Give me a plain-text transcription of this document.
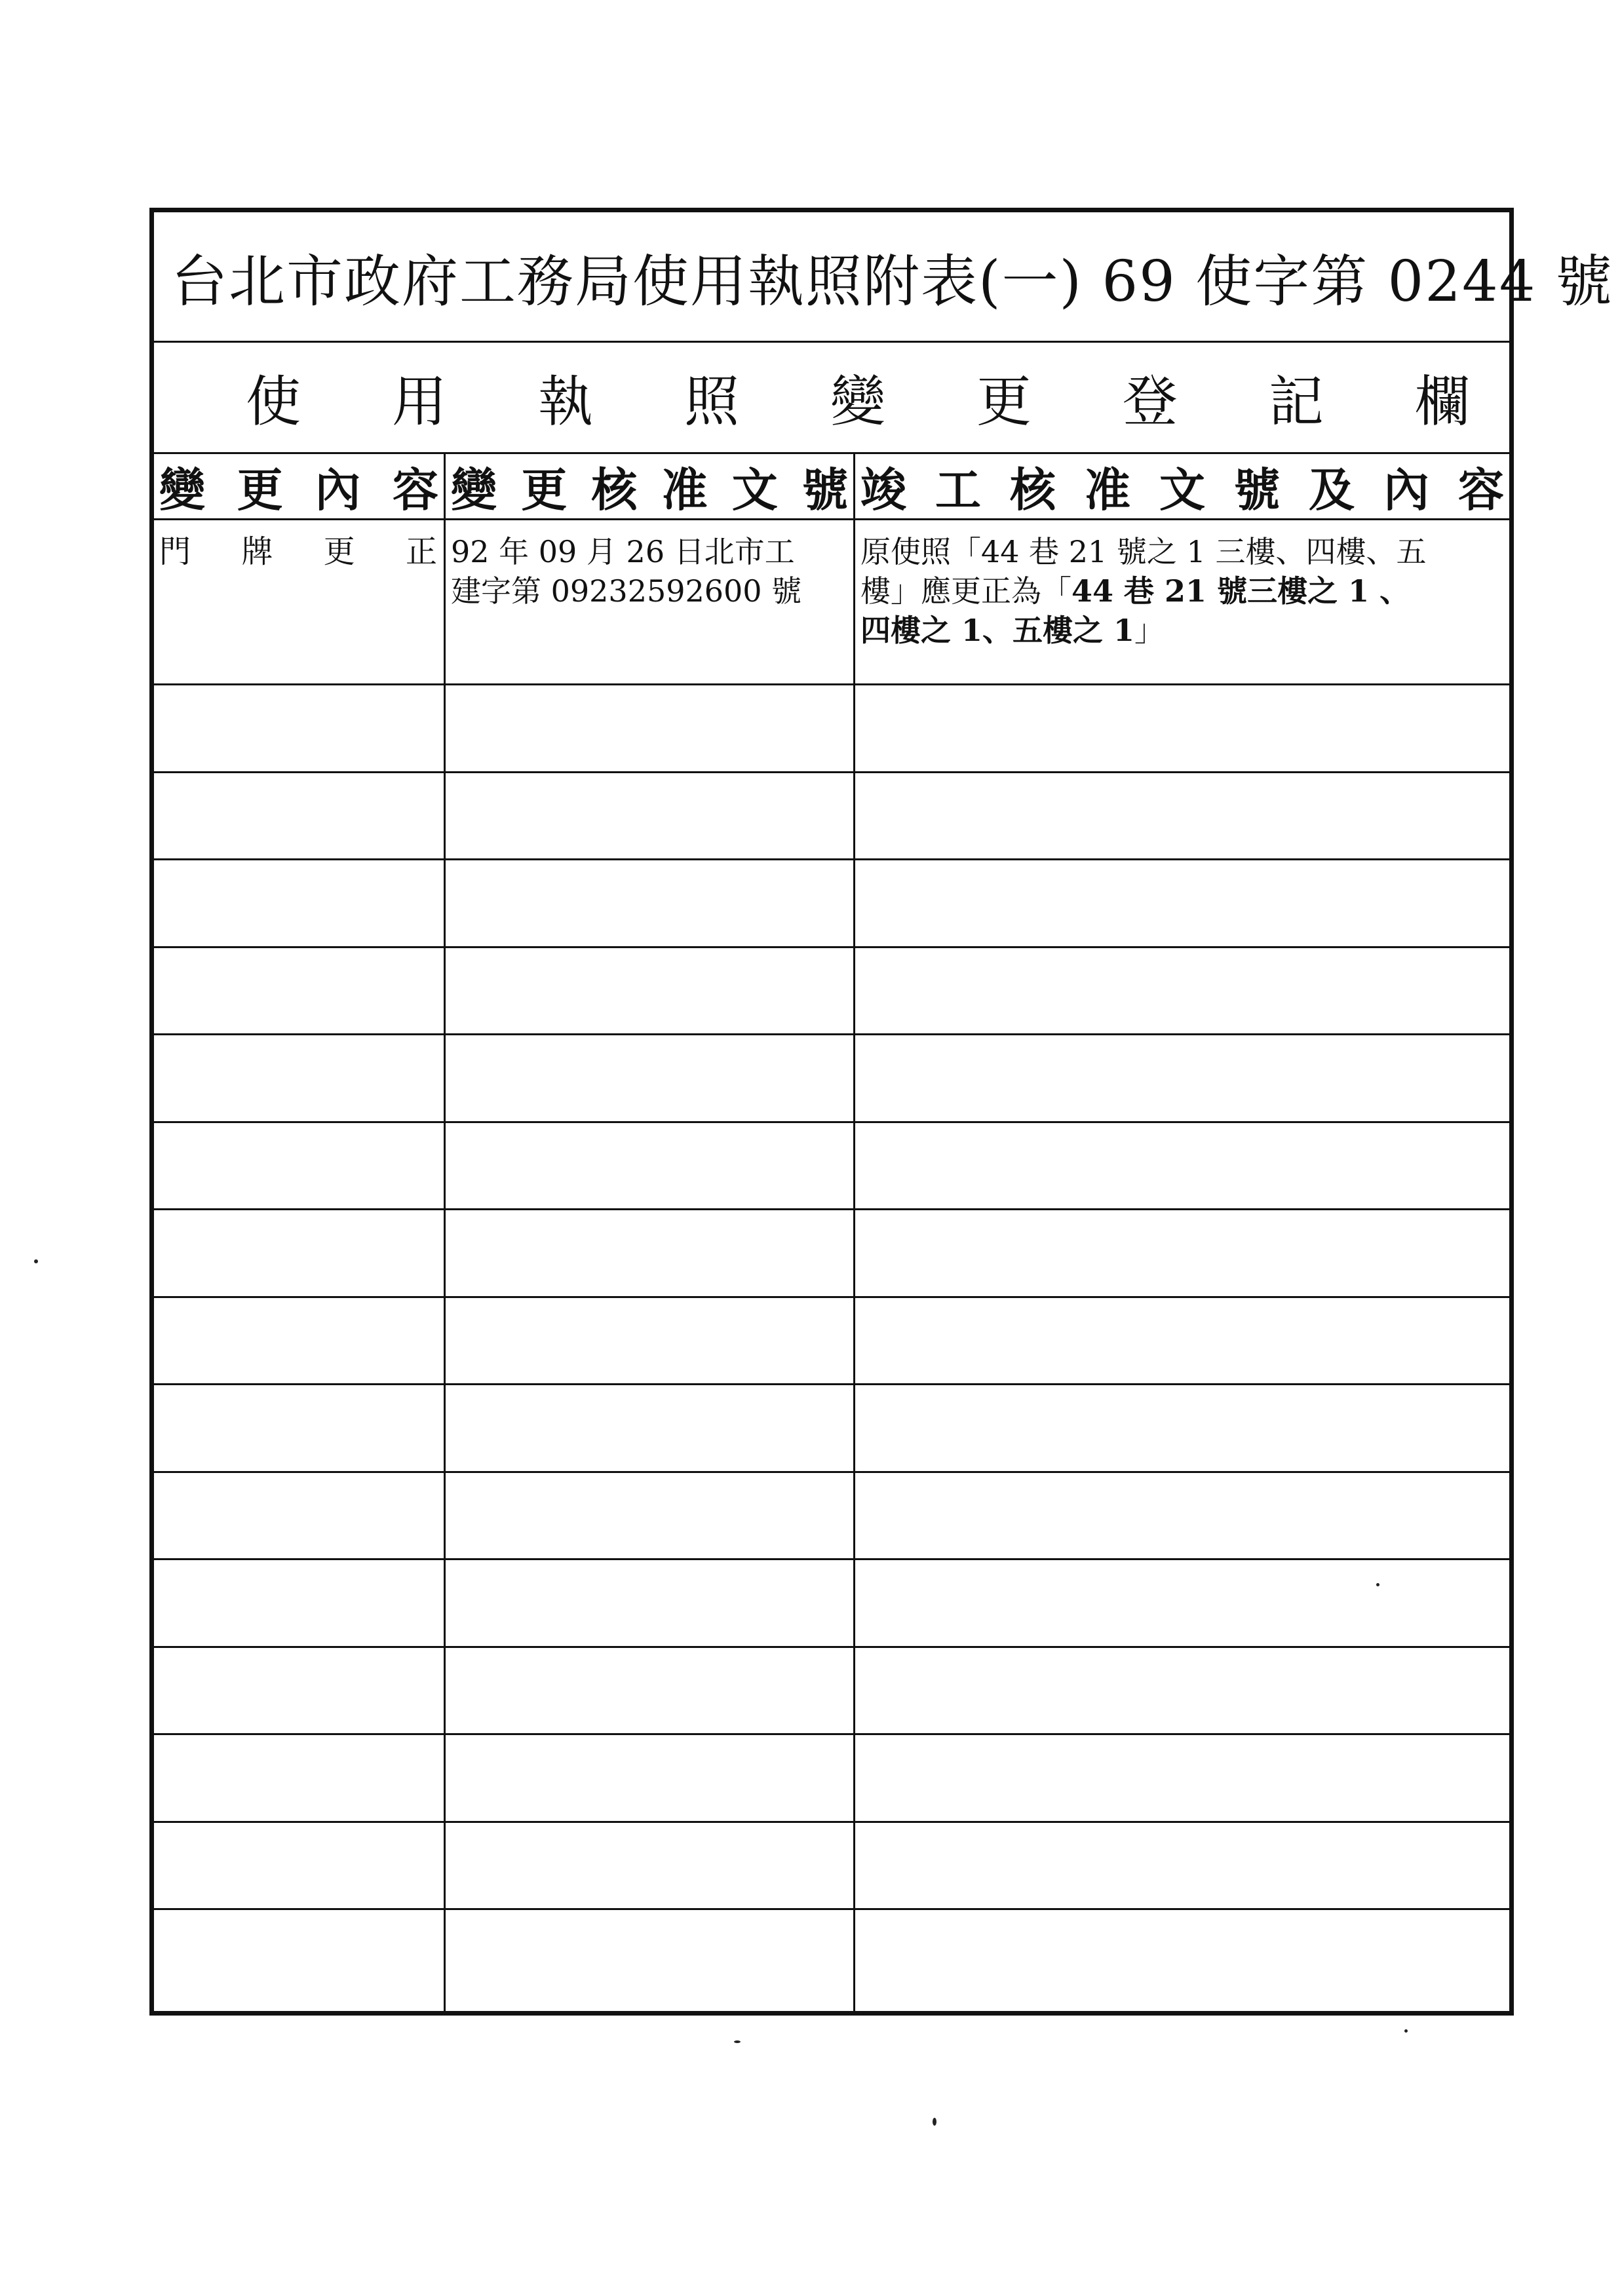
台北市政府工務局使用執照附表(一) 69 使字第 0244 號
使 用 執 照 變 更 登 記 欄
變 更 內 容 變 更 核 准 文 號 竣 工 核 准 文 號 及 內 容
門 牌 更 正 92 年 09 月 26 日北市工
建字第 09232592600 號
原使照「44 巷 21 號之 1 三樓、四樓、五
樓」應更正為「44 巷 21 號三樓之 1 、
四樓之 1、五樓之 1」
